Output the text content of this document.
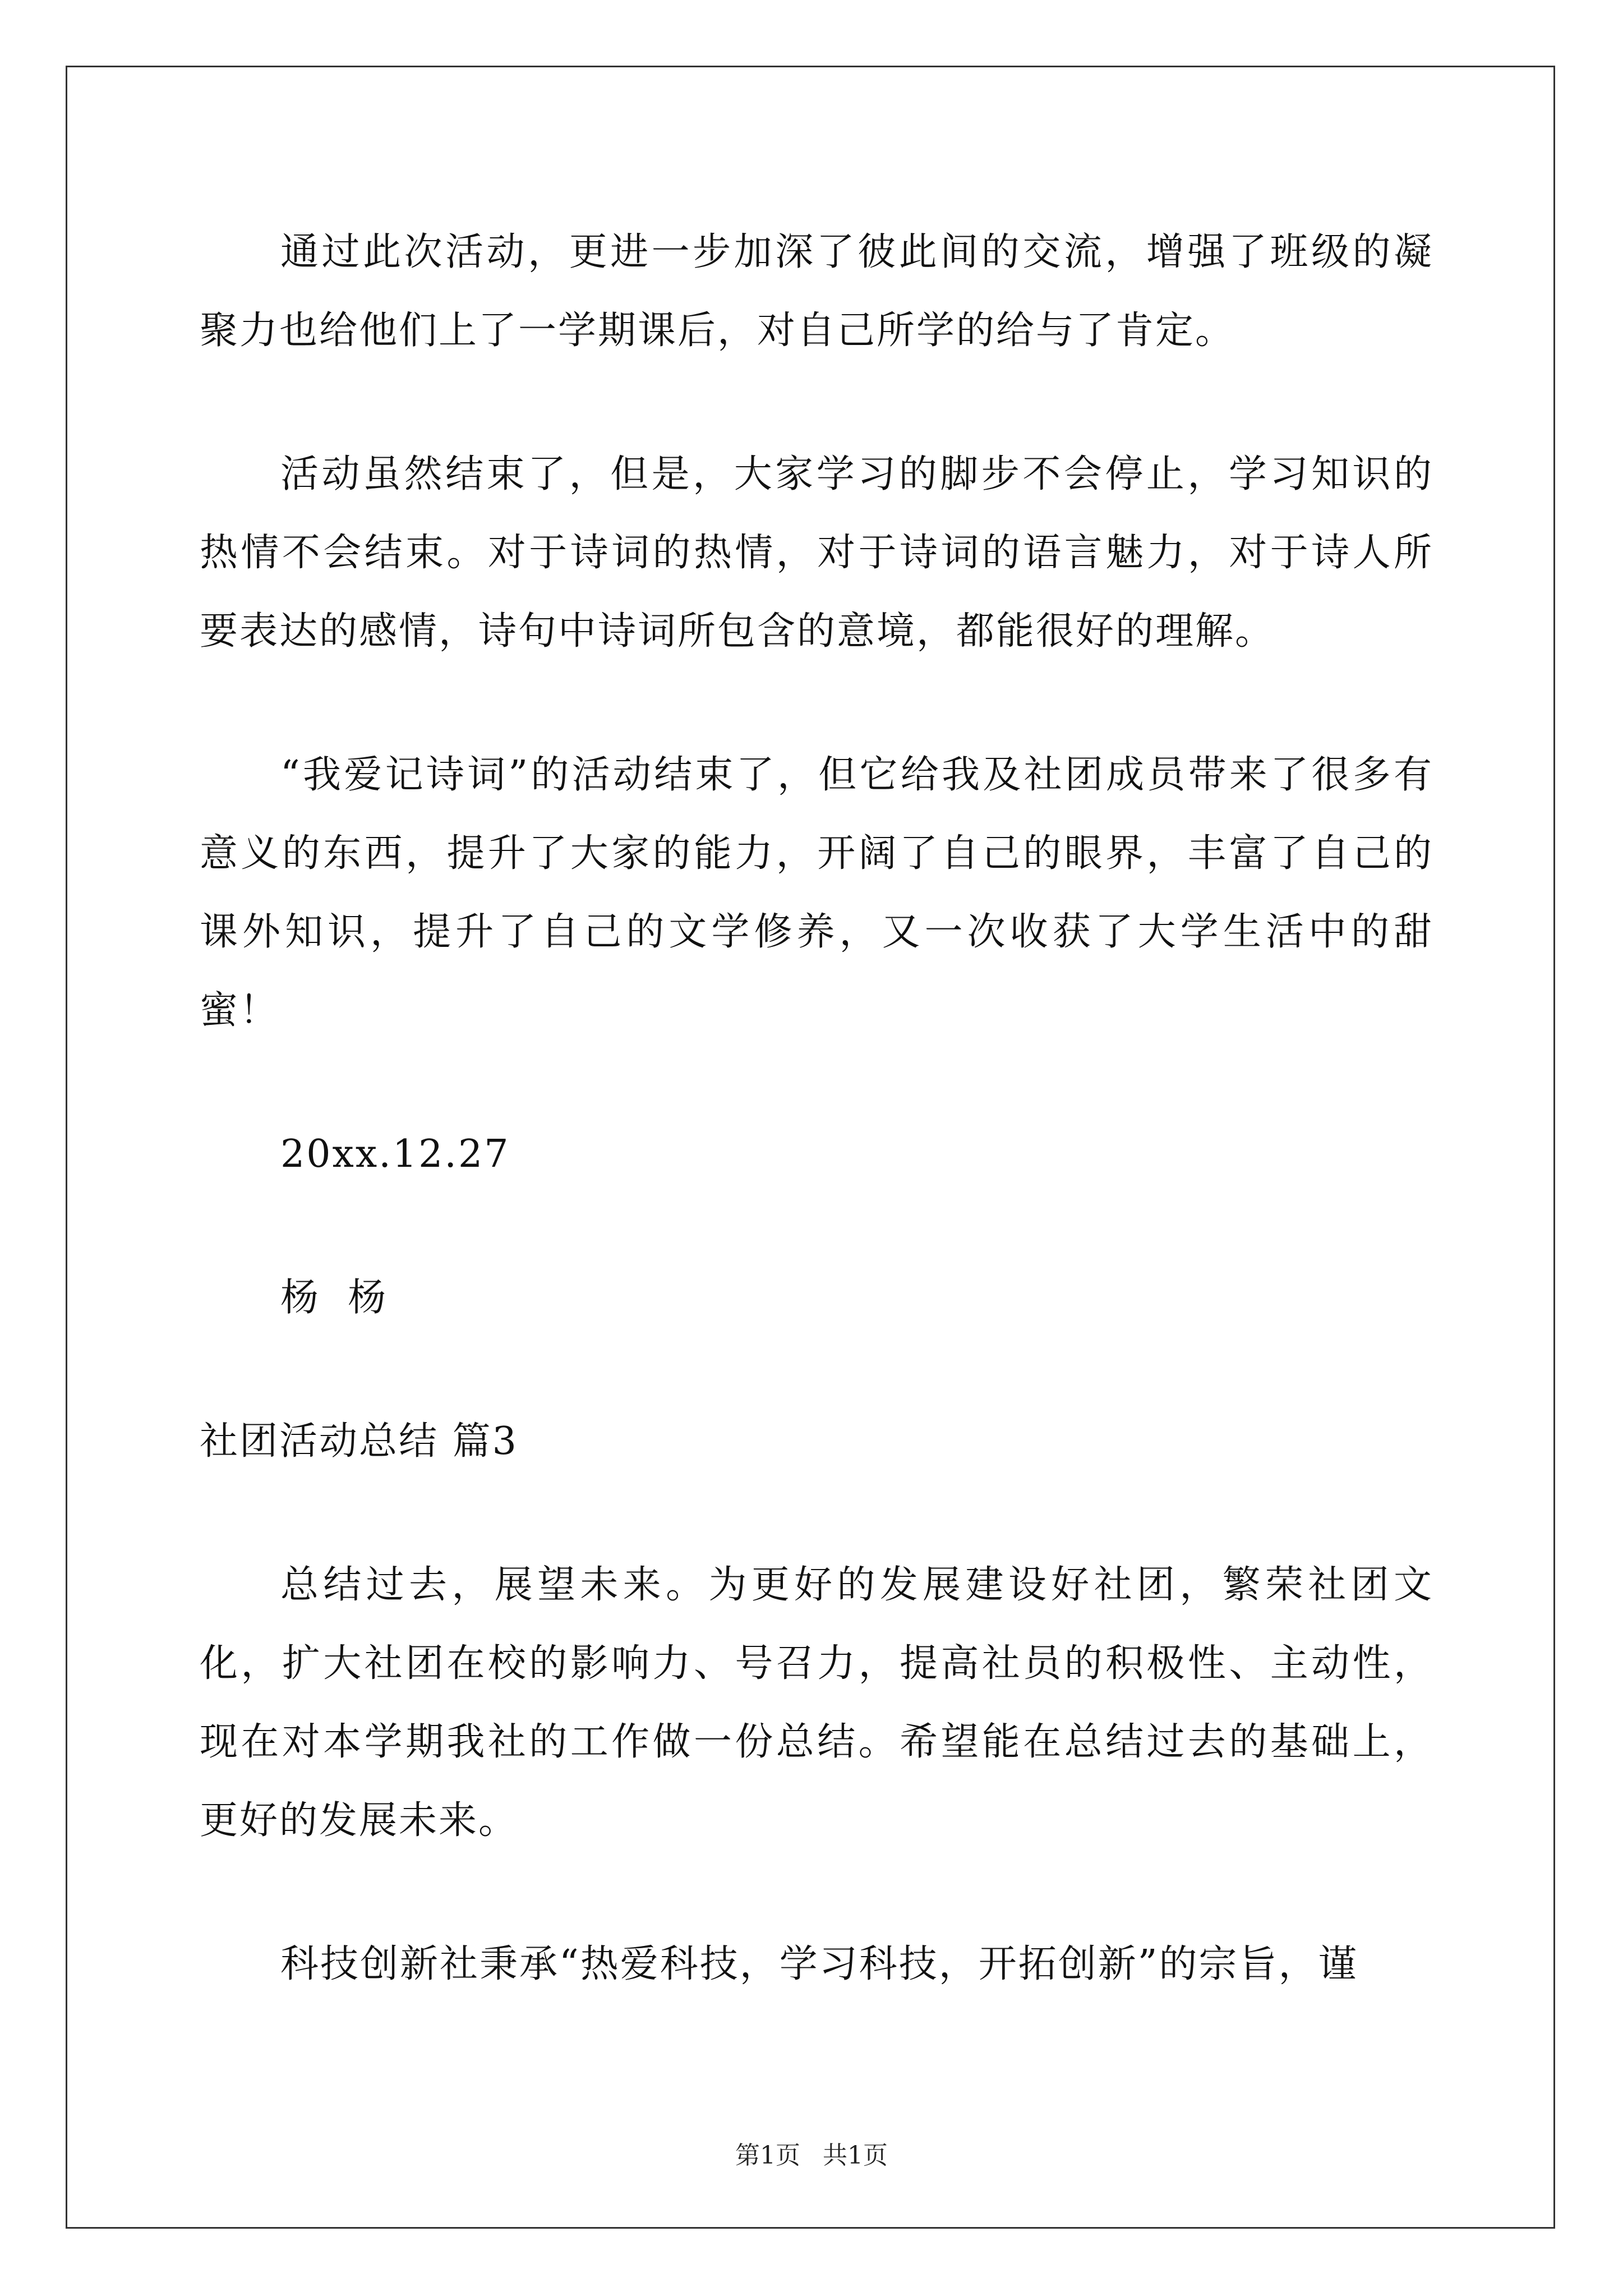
通过此次活动，更进一步加深了彼此间的交流，增强了班级的凝聚力也给他们上了一学期课后，对自己所学的给与了肯定。

活动虽然结束了，但是，大家学习的脚步不会停止，学习知识的热情不会结束。对于诗词的热情，对于诗词的语言魅力，对于诗人所要表达的感情，诗句中诗词所包含的意境，都能很好的理解。

“我爱记诗词”的活动结束了，但它给我及社团成员带来了很多有意义的东西，提升了大家的能力，开阔了自己的眼界，丰富了自己的课外知识，提升了自己的文学修养，又一次收获了大学生活中的甜蜜！

20xx.12.27

杨  杨

社团活动总结 篇3

总结过去，展望未来。为更好的发展建设好社团，繁荣社团文化，扩大社团在校的影响力、号召力，提高社员的积极性、主动性，现在对本学期我社的工作做一份总结。希望能在总结过去的基础上，更好的发展未来。

科技创新社秉承“热爱科技，学习科技，开拓创新”的宗旨，谨

第1页 共1页
